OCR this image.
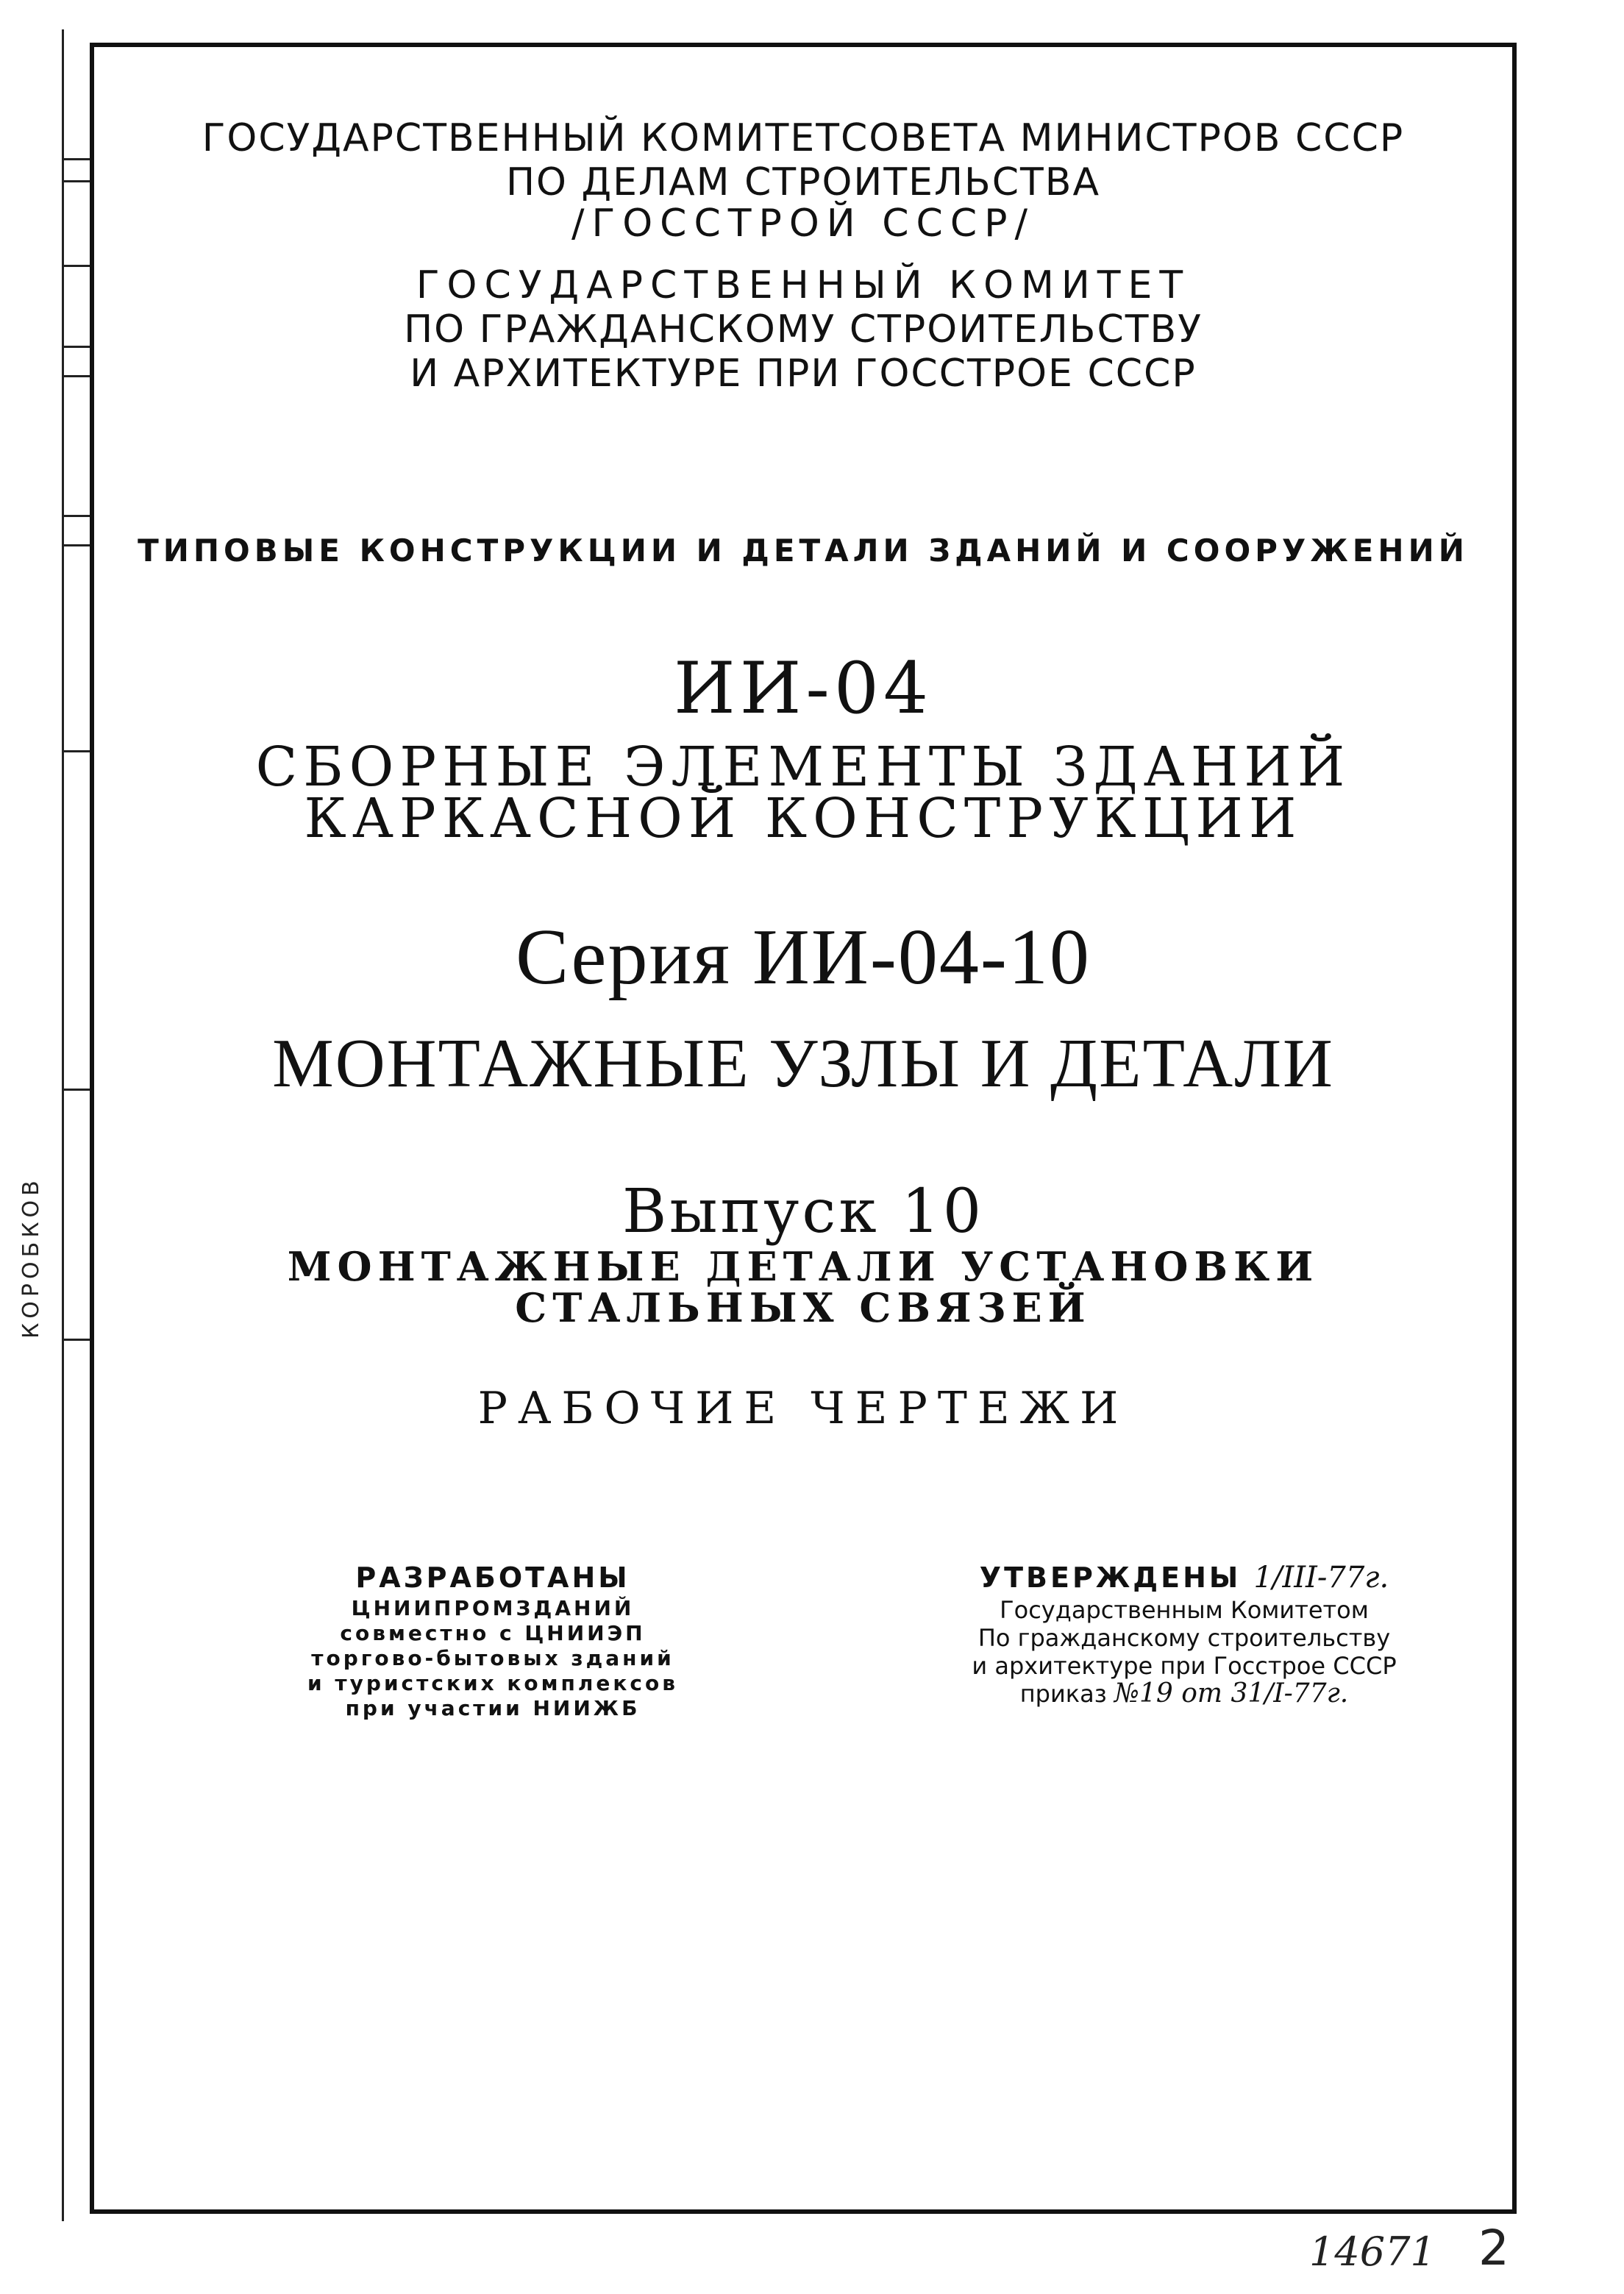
КОРОБКОВ

ГОСУДАРСТВЕННЫЙ КОМИТЕТСОВЕТА МИНИСТРОВ СССР

ПО ДЕЛАМ СТРОИТЕЛЬСТВА

/ГОССТРОЙ СССР/

ГОСУДАРСТВЕННЫЙ КОМИТЕТ

ПО ГРАЖДАНСКОМУ СТРОИТЕЛЬСТВУ

И АРХИТЕКТУРЕ ПРИ ГОССТРОЕ СССР

ТИПОВЫЕ КОНСТРУКЦИИ И ДЕТАЛИ ЗДАНИЙ И СООРУЖЕНИЙ

ИИ-04

СБОРНЫЕ ЭЛЕМЕНТЫ ЗДАНИЙ

КАРКАСНОЙ КОНСТРУКЦИИ

Серия ИИ-04-10

МОНТАЖНЫЕ УЗЛЫ И ДЕТАЛИ

Выпуск 10

МОНТАЖНЫЕ ДЕТАЛИ УСТАНОВКИ

СТАЛЬНЫХ СВЯЗЕЙ

РАБОЧИЕ ЧЕРТЕЖИ

РАЗРАБОТАНЫ

ЦНИИПРОМЗДАНИЙ

совместно с ЦНИИЭП

торгово-бытовых зданий

и туристских комплексов

при участии НИИЖБ

УТВЕРЖДЕНЫ 1/III-77г.

Государственным Комитетом

По гражданскому строительству

и архитектуре при Госстрое СССР

приказ №19 от 31/I-77г.

14671 2
